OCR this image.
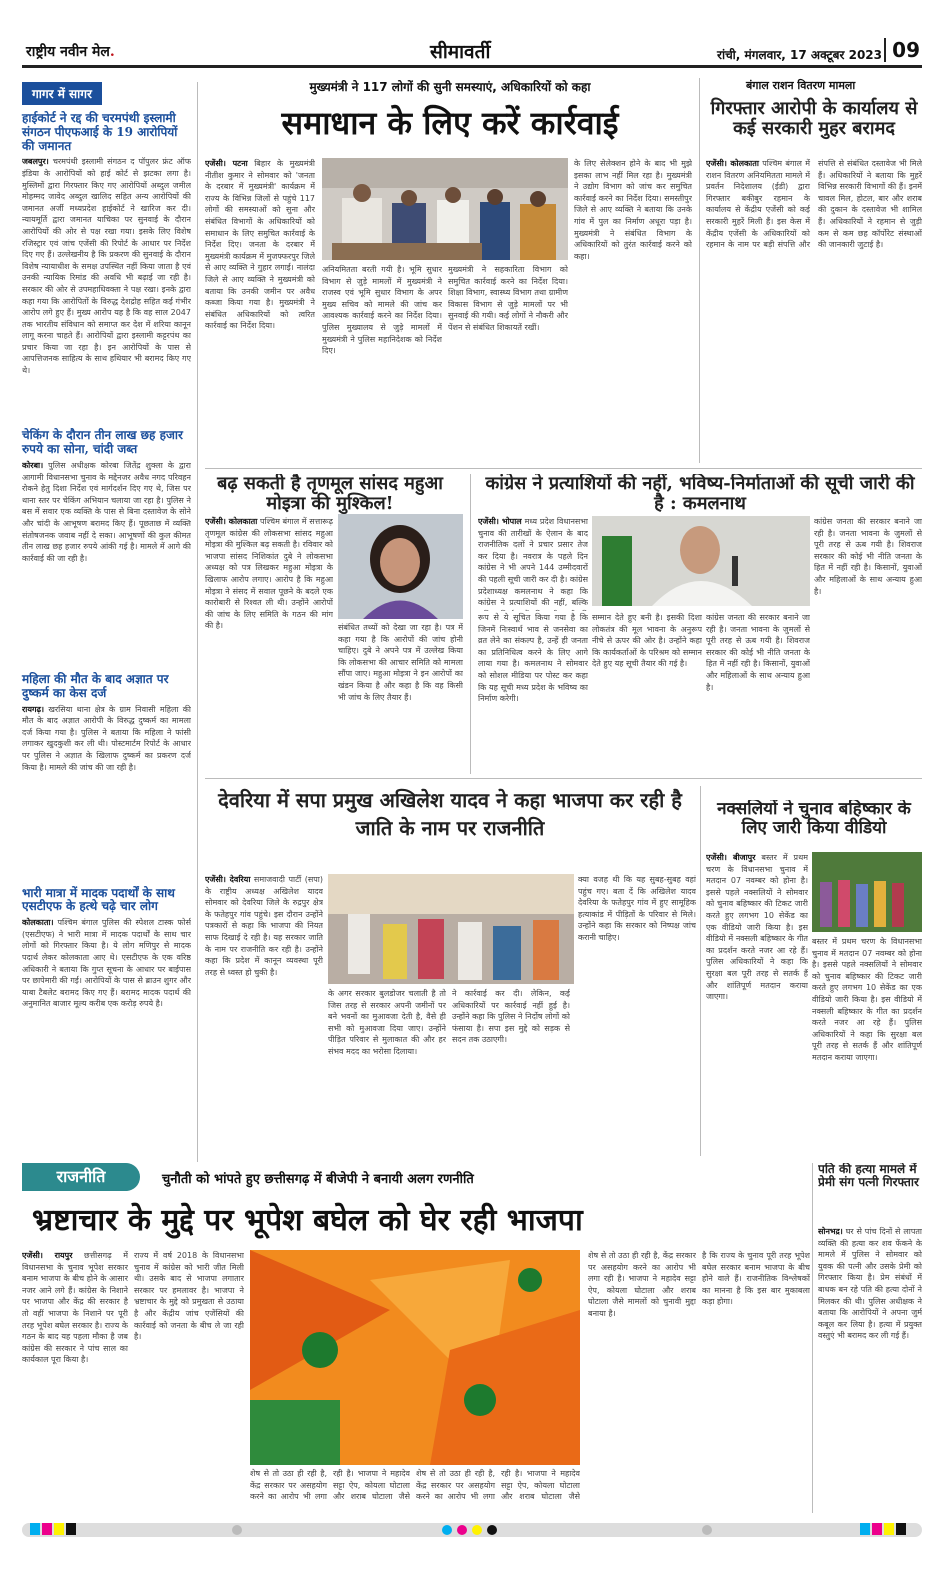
राष्ट्रीय नवीन मेल.	सीमावर्ती	रांची, मंगलवार, 17 अक्टूबर 2023 09
गागर में सागर
हाईकोर्ट ने रद्द की चरमपंथी इस्लामी संगठन पीएफआई के 19 आरोपियों की जमानत
जबलपुर। चरमपंथी इस्लामी संगठन द पॉपुलर फ्रंट ऑफ इंडिया के आरोपियों को हाई कोर्ट से झटका लगा है। मुस्लिमों द्वारा गिरफ्तार किए गए आरोपियों अब्दुल जमील मोहम्मद जावेद अब्दुल खालिद सहित अन्य आरोपियों की जमानत अर्जी मध्यप्रदेश हाईकोर्ट ने खारिज कर दी। न्यायमूर्ति द्वारा जमानत याचिका पर सुनवाई के दौरान आरोपियों की ओर से पक्ष रखा गया। इसके लिए विशेष रजिस्ट्रार एवं जांच एजेंसी की रिपोर्ट के आधार पर निर्देश दिए गए हैं। उल्लेखनीय है कि प्रकरण की सुनवाई के दौरान विशेष न्यायाधीश के समक्ष उपस्थित नहीं किया जाता है एवं उनकी न्यायिक रिमांड की अवधि भी बढ़ाई जा रही है। सरकार की ओर से उपमहाधिवक्ता ने पक्ष रखा। इनके द्वारा कहा गया कि आरोपितों के विरुद्ध देशद्रोह सहित कई गंभीर आरोप लगे हुए हैं। मुख्य आरोप यह है कि वह साल 2047 तक भारतीय संविधान को समाप्त कर देश में शरिया कानून लागू करना चाहते हैं। आरोपियों द्वारा इस्लामी कट्टरपंथ का प्रचार किया जा रहा है। इन आरोपियों के पास से आपत्तिजनक साहित्य के साथ हथियार भी बरामद किए गए थे।
चेकिंग के दौरान तीन लाख छह हजार रुपये का सोना, चांदी जब्त
कोरबा। पुलिस अधीक्षक कोरबा जितेंद्र शुक्ला के द्वारा आगामी विधानसभा चुनाव के मद्देनजर अवैध नगद परिवहन रोकने हेतु दिशा निर्देश एवं मार्गदर्शन दिए गए थे, जिस पर थाना स्तर पर चेकिंग अभियान चलाया जा रहा है। पुलिस ने बस में सवार एक व्यक्ति के पास से बिना दस्तावेज के सोने और चांदी के आभूषण बरामद किए हैं। पूछताछ में व्यक्ति संतोषजनक जवाब नहीं दे सका। आभूषणों की कुल कीमत तीन लाख छह हजार रुपये आंकी गई है। मामले में आगे की कार्रवाई की जा रही है।
महिला की मौत के बाद अज्ञात पर दुष्कर्म का केस दर्ज
रायगढ़। खरसिया थाना क्षेत्र के ग्राम निवासी महिला की मौत के बाद अज्ञात आरोपी के विरुद्ध दुष्कर्म का मामला दर्ज किया गया है। पुलिस ने बताया कि महिला ने फांसी लगाकर खुदकुशी कर ली थी। पोस्टमार्टम रिपोर्ट के आधार पर पुलिस ने अज्ञात के खिलाफ दुष्कर्म का प्रकरण दर्ज किया है। मामले की जांच की जा रही है।
भारी मात्रा में मादक पदार्थों के साथ एसटीएफ के हत्थे चढ़े चार लोग
कोलकाता। पश्चिम बंगाल पुलिस की स्पेशल टास्क फोर्स (एसटीएफ) ने भारी मात्रा में मादक पदार्थों के साथ चार लोगों को गिरफ्तार किया है। ये लोग मणिपुर से मादक पदार्थ लेकर कोलकाता आए थे। एसटीएफ के एक वरिष्ठ अधिकारी ने बताया कि गुप्त सूचना के आधार पर बाईपास पर छापेमारी की गई। आरोपियों के पास से ब्राउन शुगर और याबा टैबलेट बरामद किए गए हैं। बरामद मादक पदार्थ की अनुमानित बाजार मूल्य करीब एक करोड़ रुपये है।
मुख्यमंत्री ने 117 लोगों की सुनी समस्याएं, अधिकारियों को कहा
समाधान के लिए करें कार्रवाई
एजेंसी। पटना बिहार के मुख्यमंत्री नीतीश कुमार ने सोमवार को 'जनता के दरबार में मुख्यमंत्री' कार्यक्रम में राज्य के विभिन्न जिलों से पहुंचे 117 लोगों की समस्याओं को सुना और संबंधित विभागों के अधिकारियों को समाधान के लिए समुचित कार्रवाई के निर्देश दिए। जनता के दरबार में मुख्यमंत्री कार्यक्रम में मुजफ्फरपुर जिले से आए व्यक्ति ने गुहार लगाई। नालंदा जिले से आए व्यक्ति ने मुख्यमंत्री को बताया कि उनकी जमीन पर अवैध कब्जा किया गया है। मुख्यमंत्री ने संबंधित अधिकारियों को त्वरित कार्रवाई का निर्देश दिया।
अनियमितता बरती गयी है। भूमि सुधार विभाग से जुड़े मामलों में मुख्यमंत्री ने राजस्व एवं भूमि सुधार विभाग के अपर मुख्य सचिव को मामले की जांच कर आवश्यक कार्रवाई करने का निर्देश दिया। पुलिस मुख्यालय से जुड़े मामलों में मुख्यमंत्री ने पुलिस महानिदेशक को निर्देश दिए।
मुख्यमंत्री ने सहकारिता विभाग को समुचित कार्रवाई करने का निर्देश दिया। शिक्षा विभाग, स्वास्थ्य विभाग तथा ग्रामीण विकास विभाग से जुड़े मामलों पर भी सुनवाई की गयी। कई लोगों ने नौकरी और पेंशन से संबंधित शिकायतें रखीं।
के लिए सेलेक्शन होने के बाद भी मुझे इसका लाभ नहीं मिल रहा है। मुख्यमंत्री ने उद्योग विभाग को जांच कर समुचित कार्रवाई करने का निर्देश दिया। समस्तीपुर जिले से आए व्यक्ति ने बताया कि उनके गांव में पुल का निर्माण अधूरा पड़ा है। मुख्यमंत्री ने संबंधित विभाग के अधिकारियों को तुरंत कार्रवाई करने को कहा।
बंगाल राशन वितरण मामला
गिरफ्तार आरोपी के कार्यालय से कई सरकारी मुहर बरामद
एजेंसी। कोलकाता पश्चिम बंगाल में राशन वितरण अनियमितता मामले में प्रवर्तन निदेशालय (ईडी) द्वारा गिरफ्तार बकीबुर रहमान के कार्यालय से केंद्रीय एजेंसी को कई सरकारी मुहरें मिली हैं। इस केस में केंद्रीय एजेंसी के अधिकारियों को रहमान के नाम पर बड़ी संपत्ति और संपत्ति से संबंधित दस्तावेज भी मिले हैं। अधिकारियों ने बताया कि मुहरें विभिन्न सरकारी विभागों की हैं। इनमें चावल मिल, होटल, बार और शराब की दुकान के दस्तावेज भी शामिल हैं। अधिकारियों ने रहमान से जुड़ी कम से कम छह कॉर्पोरेट संस्थाओं की जानकारी जुटाई है।
बढ़ सकती है तृणमूल सांसद महुआ मोइत्रा की मुश्किल!
एजेंसी। कोलकाता पश्चिम बंगाल में सत्तारूढ़ तृणमूल कांग्रेस की लोकसभा सांसद महुआ मोइत्रा की मुश्किल बढ़ सकती है। रविवार को भाजपा सांसद निशिकांत दुबे ने लोकसभा अध्यक्ष को पत्र लिखकर महुआ मोइत्रा के खिलाफ आरोप लगाए। आरोप है कि महुआ मोइत्रा ने संसद में सवाल पूछने के बदले एक कारोबारी से रिश्वत ली थी। उन्होंने आरोपों की जांच के लिए समिति के गठन की मांग की है।	संबंधित तथ्यों को देखा जा रहा है। पत्र में कहा गया है कि आरोपों की जांच होनी चाहिए। दुबे ने अपने पत्र में उल्लेख किया कि लोकसभा की आचार समिति को मामला सौंपा जाए। महुआ मोइत्रा ने इन आरोपों का खंडन किया है और कहा है कि वह किसी भी जांच के लिए तैयार हैं।
कांग्रेस ने प्रत्याशियों की नहीं, भविष्य-निर्माताओं की सूची जारी की है : कमलनाथ
एजेंसी। भोपाल मध्य प्रदेश विधानसभा चुनाव की तारीखों के ऐलान के बाद राजनीतिक दलों ने प्रचार प्रसार तेज कर दिया है। नवरात्र के पहले दिन कांग्रेस ने भी अपने 144 उम्मीदवारों की पहली सूची जारी कर दी है। कांग्रेस प्रदेशाध्यक्ष कमलनाथ ने कहा कि कांग्रेस ने प्रत्याशियों की नहीं, बल्कि
रूप से ये सूचित किया गया है कि जिनमें निःस्वार्थ भाव से जनसेवा का व्रत लेने का संकल्प है, उन्हें ही जनता का प्रतिनिधित्व करने के लिए आगे लाया गया है। कमलनाथ ने सोमवार को सोशल मीडिया पर पोस्ट कर कहा कि यह सूची मध्य प्रदेश के भविष्य का निर्माण करेगी।
सम्मान देते हुए बनी है। इसकी दिशा लोकतंत्र की मूल भावना के अनुरूप नीचे से ऊपर की ओर है। उन्होंने कहा कि कार्यकर्ताओं के परिश्रम को सम्मान देते हुए यह सूची तैयार की गई है।
कांग्रेस जनता की सरकार बनाने जा रही है। जनता भावना के जुमलों से पूरी तरह से ऊब गयी है। शिवराज सरकार की कोई भी नीति जनता के हित में नहीं रही है। किसानों, युवाओं और महिलाओं के साथ अन्याय हुआ है।
कांग्रेस जनता की सरकार बनाने जा रही है। जनता भावना के जुमलों से पूरी तरह से ऊब गयी है। शिवराज सरकार की कोई भी नीति जनता के हित में नहीं रही है। किसानों, युवाओं और महिलाओं के साथ अन्याय हुआ है।
देवरिया में सपा प्रमुख अखिलेश यादव ने कहा भाजपा कर रही है जाति के नाम पर राजनीति
एजेंसी। देवरिया समाजवादी पार्टी (सपा) के राष्ट्रीय अध्यक्ष अखिलेश यादव सोमवार को देवरिया जिले के रुद्रपुर क्षेत्र के फतेहपुर गांव पहुंचे। इस दौरान उन्होंने पत्रकारों से कहा कि भाजपा की नियत साफ दिखाई दे रही है। यह सरकार जाति के नाम पर राजनीति कर रही है। उन्होंने कहा कि प्रदेश में कानून व्यवस्था पूरी तरह से ध्वस्त हो चुकी है।
के अगर सरकार बुलडोजर चलाती है तो जिस तरह से सरकार अपनी जमीनों पर बने भवनों का मुआवजा देती है, वैसे ही सभी को मुआवजा दिया जाए। उन्होंने पीड़ित परिवार से मुलाकात की और हर संभव मदद का भरोसा दिलाया।
ने कार्रवाई कर दी। लेकिन, कई अधिकारियों पर कार्रवाई नहीं हुई है। उन्होंने कहा कि पुलिस ने निर्दोष लोगों को फंसाया है। सपा इस मुद्दे को सड़क से सदन तक उठाएगी।
क्या वजह थी कि यह सुबह-सुबह वहां पहुंच गए। बता दें कि अखिलेश यादव देवरिया के फतेहपुर गांव में हुए सामूहिक हत्याकांड में पीड़ितों के परिवार से मिले। उन्होंने कहा कि सरकार को निष्पक्ष जांच करानी चाहिए।
नक्सलियों ने चुनाव बहिष्कार के लिए जारी किया वीडियो
एजेंसी। बीजापुर बस्तर में प्रथम चरण के विधानसभा चुनाव में मतदान 07 नवम्बर को होना है। इससे पहले नक्सलियों ने सोमवार को चुनाव बहिष्कार की टिकट जारी करते हुए लगभग 10 सेकेंड का एक वीडियो जारी किया है। इस वीडियो में नक्सली बहिष्कार के गीत का प्रदर्शन करते नजर आ रहे हैं। पुलिस अधिकारियों ने कहा कि सुरक्षा बल पूरी तरह से सतर्क हैं और शांतिपूर्ण मतदान कराया जाएगा।
बस्तर में प्रथम चरण के विधानसभा चुनाव में मतदान 07 नवम्बर को होना है। इससे पहले नक्सलियों ने सोमवार को चुनाव बहिष्कार की टिकट जारी करते हुए लगभग 10 सेकेंड का एक वीडियो जारी किया है। इस वीडियो में नक्सली बहिष्कार के गीत का प्रदर्शन करते नजर आ रहे हैं। पुलिस अधिकारियों ने कहा कि सुरक्षा बल पूरी तरह से सतर्क हैं और शांतिपूर्ण मतदान कराया जाएगा।
राजनीति	चुनौती को भांपते हुए छत्तीसगढ़ में बीजेपी ने बनायी अलग रणनीति
भ्रष्टाचार के मुद्दे पर भूपेश बघेल को घेर रही भाजपा
एजेंसी। रायपुर छत्तीसगढ़ में विधानसभा के चुनाव भूपेश सरकार बनाम भाजपा के बीच होने के आसार नजर आने लगे हैं। कांग्रेस के निशाने पर भाजपा और केंद्र की सरकार है तो वहीं भाजपा के निशाने पर पूरी तरह भूपेश बघेल सरकार है। राज्य के गठन के बाद यह पहला मौका है जब कांग्रेस की सरकार ने पांच साल का कार्यकाल पूरा किया है।
राज्य में वर्ष 2018 के विधानसभा चुनाव में कांग्रेस को भारी जीत मिली थी। उसके बाद से भाजपा लगातार सरकार पर हमलावर है। भाजपा ने भ्रष्टाचार के मुद्दे को प्रमुखता से उठाया है और केंद्रीय जांच एजेंसियों की कार्रवाई को जनता के बीच ले जा रही है।
शेष से तो उठा ही रही है, केंद्र सरकार पर असहयोग करने का आरोप भी लगा रही है। भाजपा ने महादेव सट्टा ऐप, कोयला घोटाला और शराब घोटाला जैसे
शेष से तो उठा ही रही है, केंद्र सरकार पर असहयोग करने का आरोप भी लगा रही है। भाजपा ने महादेव सट्टा ऐप, कोयला घोटाला और शराब घोटाला जैसे
शेष से तो उठा ही रही है, केंद्र सरकार पर असहयोग करने का आरोप भी लगा रही है। भाजपा ने महादेव सट्टा ऐप, कोयला घोटाला और शराब घोटाला जैसे मामलों को चुनावी मुद्दा बनाया है।
है कि राज्य के चुनाव पूरी तरह भूपेश बघेल सरकार बनाम भाजपा के बीच होने वाले हैं। राजनीतिक विश्लेषकों का मानना है कि इस बार मुकाबला कड़ा होगा।
पति की हत्या मामले में प्रेमी संग पत्नी गिरफ्तार
सोनभद्र। घर से पांच दिनों से लापता व्यक्ति की हत्या कर शव फेंकने के मामले में पुलिस ने सोमवार को युवक की पत्नी और उसके प्रेमी को गिरफ्तार किया है। प्रेम संबंधों में बाधक बन रहे पति की हत्या दोनों ने मिलकर की थी। पुलिस अधीक्षक ने बताया कि आरोपियों ने अपना जुर्म कबूल कर लिया है। हत्या में प्रयुक्त वस्तुएं भी बरामद कर ली गई हैं।
